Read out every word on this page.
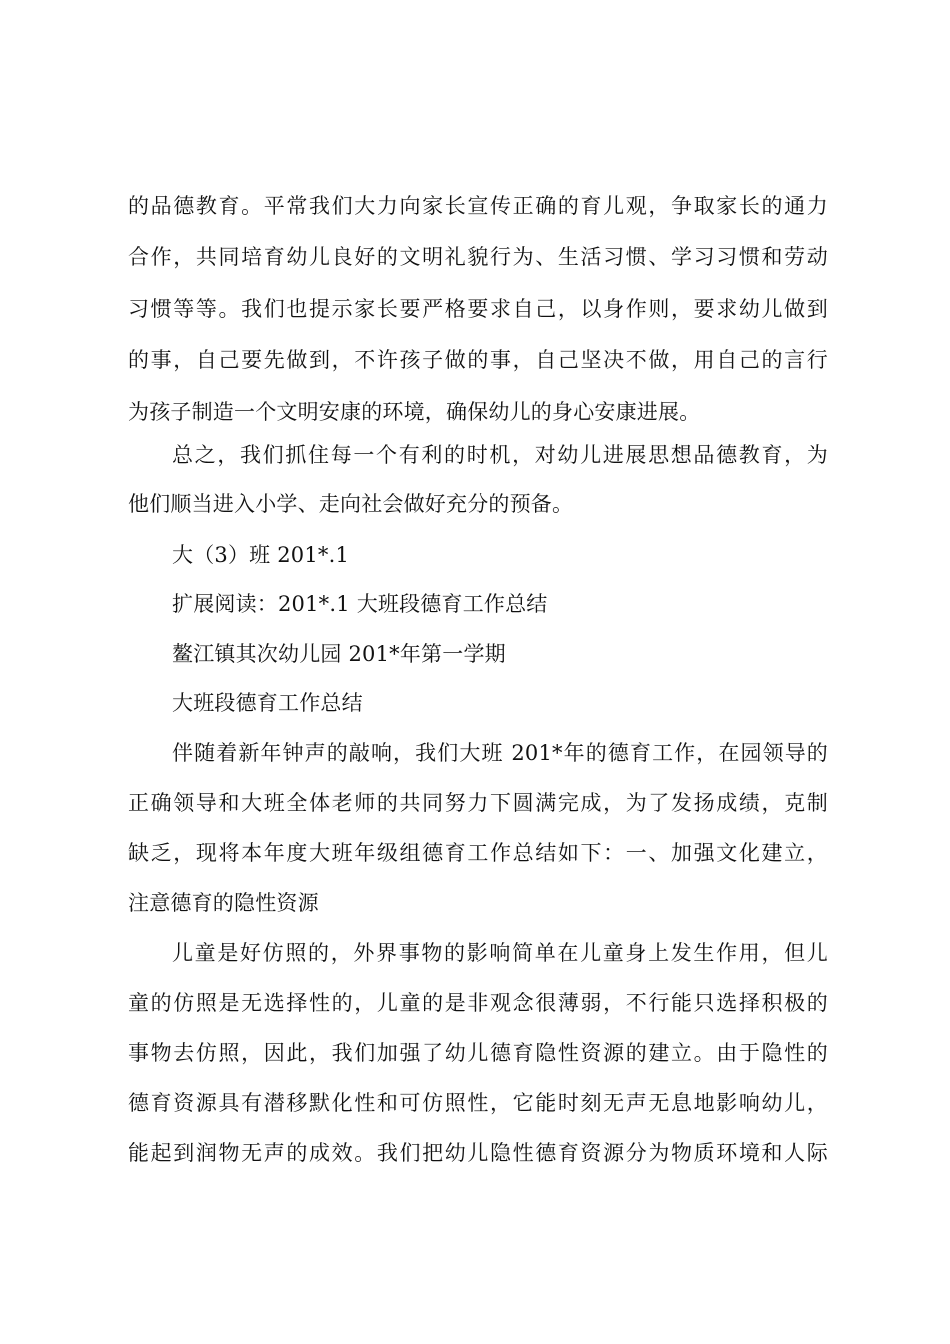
的品德教育。平常我们大力向家长宣传正确的育儿观，争取家长的通力
合作，共同培育幼儿良好的文明礼貌行为、生活习惯、学习习惯和劳动
习惯等等。我们也提示家长要严格要求自己，以身作则，要求幼儿做到
的事，自己要先做到，不许孩子做的事，自己坚决不做，用自己的言行
为孩子制造一个文明安康的环境，确保幼儿的身心安康进展。
总之，我们抓住每一个有利的时机，对幼儿进展思想品德教育，为
他们顺当进入小学、走向社会做好充分的预备。
大（3）班 201*.1
扩展阅读：201*.1 大班段德育工作总结
鳌江镇其次幼儿园 201*年第一学期
大班段德育工作总结
伴随着新年钟声的敲响，我们大班 201*年的德育工作，在园领导的
正确领导和大班全体老师的共同努力下圆满完成，为了发扬成绩，克制
缺乏，现将本年度大班年级组德育工作总结如下：一、加强文化建立，
注意德育的隐性资源
儿童是好仿照的，外界事物的影响简单在儿童身上发生作用，但儿
童的仿照是无选择性的，儿童的是非观念很薄弱，不行能只选择积极的
事物去仿照，因此，我们加强了幼儿德育隐性资源的建立。由于隐性的
德育资源具有潜移默化性和可仿照性，它能时刻无声无息地影响幼儿，
能起到润物无声的成效。我们把幼儿隐性德育资源分为物质环境和人际
